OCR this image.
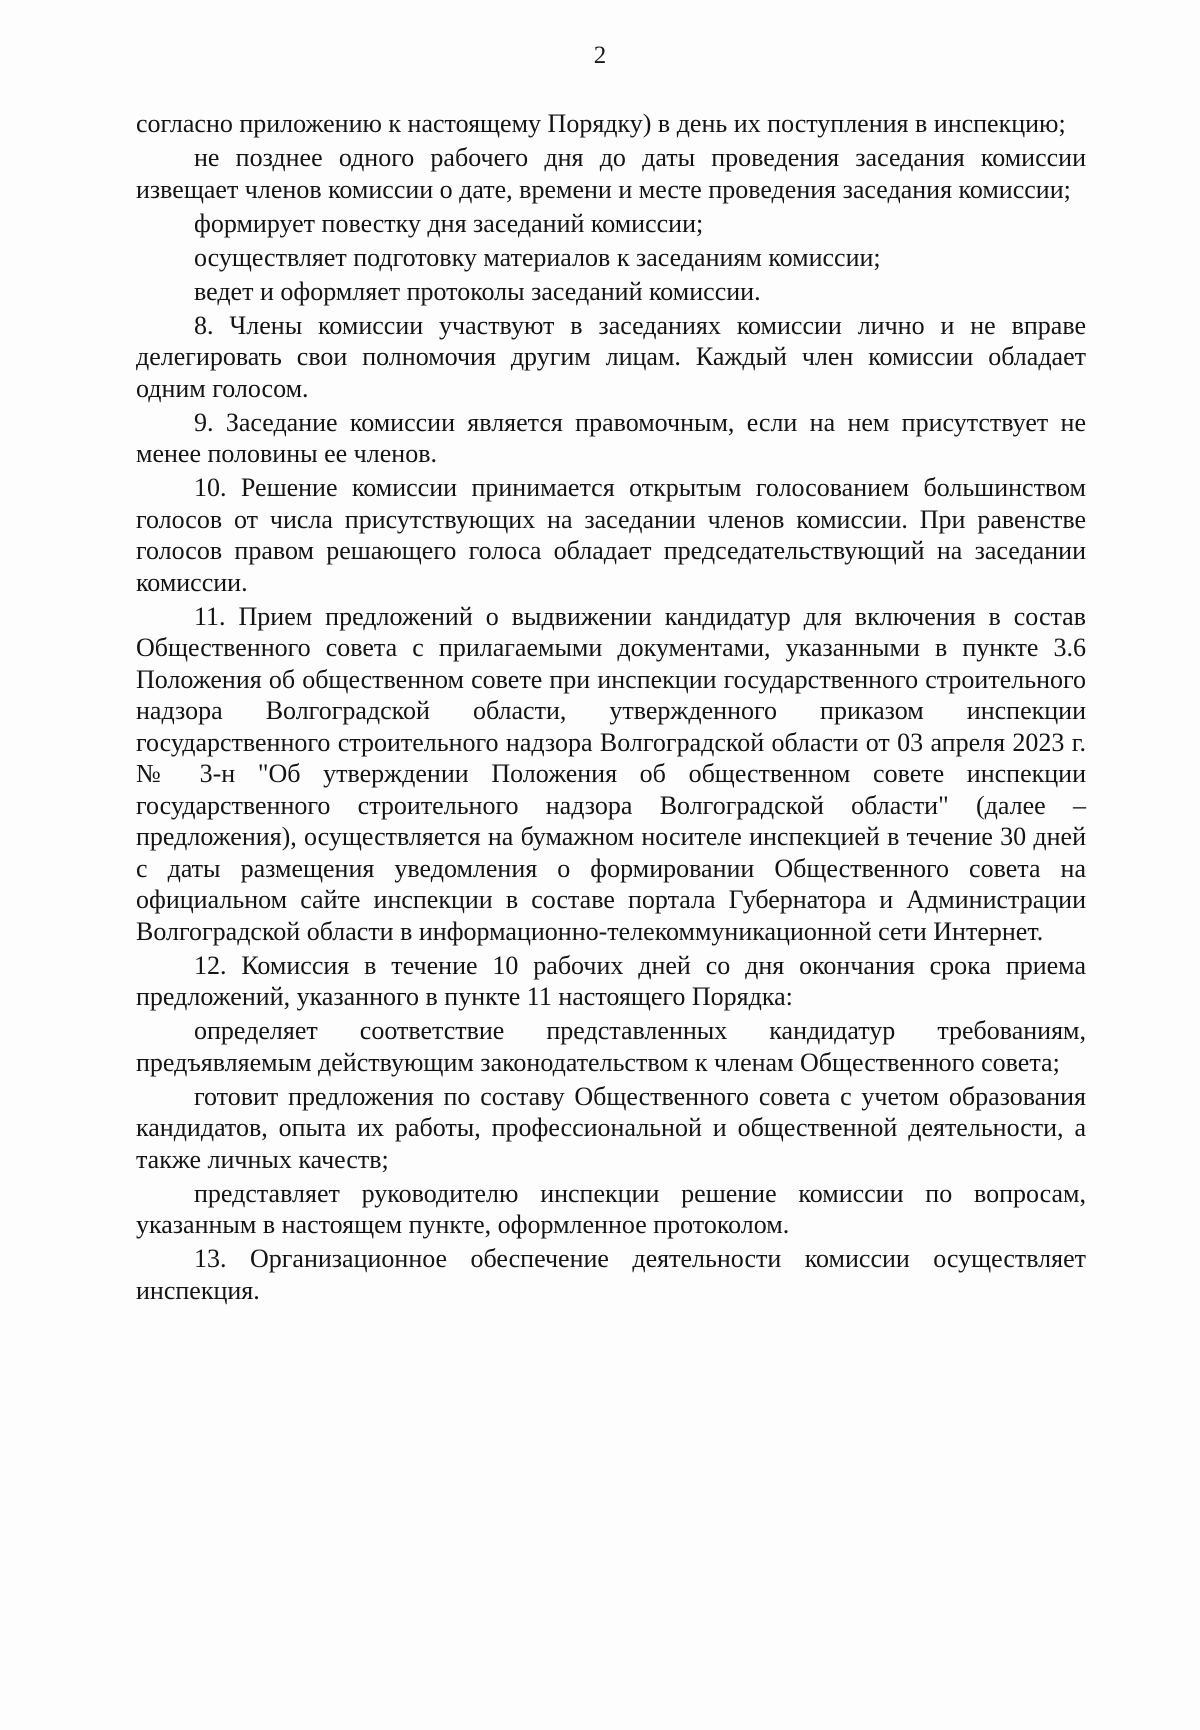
2

согласно приложению к настоящему Порядку) в день их поступления в инспекцию;

не позднее одного рабочего дня до даты проведения заседания комиссии извещает членов комиссии о дате, времени и месте проведения заседания комиссии;

формирует повестку дня заседаний комиссии;

осуществляет подготовку материалов к заседаниям комиссии;

ведет и оформляет протоколы заседаний комиссии.

8. Члены комиссии участвуют в заседаниях комиссии лично и не вправе делегировать свои полномочия другим лицам. Каждый член комиссии обладает одним голосом.

9. Заседание комиссии является правомочным, если на нем присутствует не менее половины ее членов.

10. Решение комиссии принимается открытым голосованием большинством голосов от числа присутствующих на заседании членов комиссии. При равенстве голосов правом решающего голоса обладает председательствующий на заседании комиссии.

11. Прием предложений о выдвижении кандидатур для включения в состав Общественного совета с прилагаемыми документами, указанными в пункте 3.6 Положения об общественном совете при инспекции государственного строительного надзора Волгоградской области, утвержденного приказом инспекции государственного строительного надзора Волгоградской области от 03 апреля 2023 г. № 3-н "Об утверждении Положения об общественном совете инспекции государственного строительного надзора Волгоградской области" (далее – предложения), осуществляется на бумажном носителе инспекцией в течение 30 дней с даты размещения уведомления о формировании Общественного совета на официальном сайте инспекции в составе портала Губернатора и Администрации Волгоградской области в информационно-телекоммуникационной сети Интернет.

12. Комиссия в течение 10 рабочих дней со дня окончания срока приема предложений, указанного в пункте 11 настоящего Порядка:

определяет соответствие представленных кандидатур требованиям, предъявляемым действующим законодательством к членам Общественного совета;

готовит предложения по составу Общественного совета с учетом образования кандидатов, опыта их работы, профессиональной и общественной деятельности, а также личных качеств;

представляет руководителю инспекции решение комиссии по вопросам, указанным в настоящем пункте, оформленное протоколом.

13. Организационное обеспечение деятельности комиссии осуществляет инспекция.
